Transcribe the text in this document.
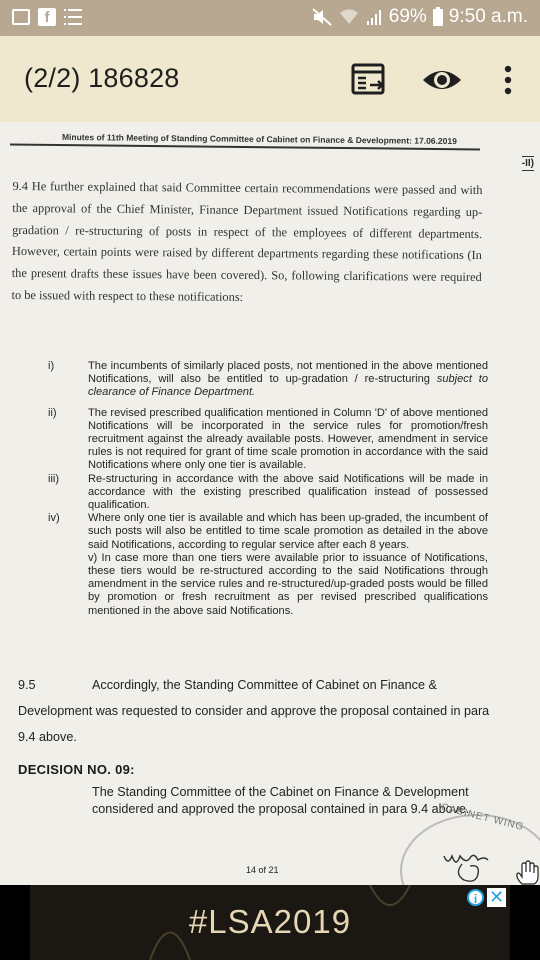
f	69% 9:50 a.m.
(2/2) 186828
Minutes of 11th Meeting of Standing Committee of Cabinet on Finance & Development: 17.06.2019
-II)
9.4 He further explained that said Committee certain recommendations were passed and with the approval of the Chief Minister, Finance Department issued Notifications regarding up-gradation / re-structuring of posts in respect of the employees of different departments. However, certain points were raised by different departments regarding these notifications (In the present drafts these issues have been covered). So, following clarifications were required to be issued with respect to these notifications:
i)	The incumbents of similarly placed posts, not mentioned in the above mentioned Notifications, will also be entitled to up-gradation / re-structuring subject to clearance of Finance Department.
ii)	The revised prescribed qualification mentioned in Column 'D' of above mentioned Notifications will be incorporated in the service rules for promotion/fresh recruitment against the already available posts. However, amendment in service rules is not required for grant of time scale promotion in accordance with the said Notifications where only one tier is available.
iii)	Re-structuring in accordance with the above said Notifications will be made in accordance with the existing prescribed qualification instead of possessed qualification.
iv)	Where only one tier is available and which has been up-graded, the incumbent of such posts will also be entitled to time scale promotion as detailed in the above said Notifications, according to regular service after each 8 years.
v) In case more than one tiers were available prior to issuance of Notifications, these tiers would be re-structured according to the said Notifications through amendment in the service rules and re-structured/up-graded posts would be filled by promotion or fresh recruitment as per revised prescribed qualifications mentioned in the above said Notifications.
9.5	Accordingly, the Standing Committee of Cabinet on Finance & Development was requested to consider and approve the proposal contained in para 9.4 above.
DECISION NO. 09:
The Standing Committee of the Cabinet on Finance & Development considered and approved the proposal contained in para 9.4 above.
CABINET WING
14 of 21
#LSA2019
i ✕
